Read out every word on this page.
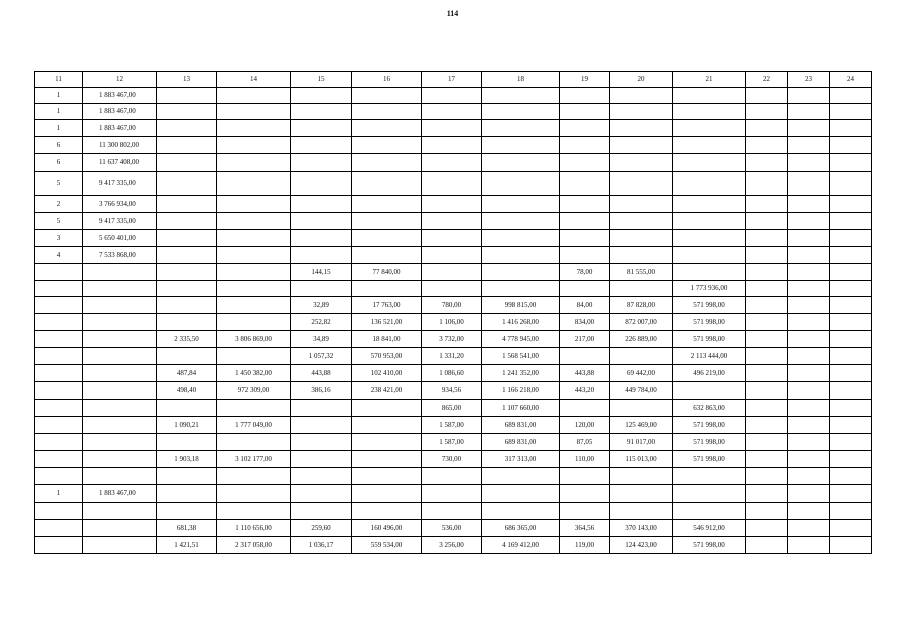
114
11	12	13	14	15	16	17	18	19	20	21	22	23	24
1	1 883 467,00												
1	1 883 467,00												
1	1 883 467,00												
6	11 300 802,00												
6	11 637 408,00												
5	9 417 335,00												
2	3 766 934,00												
5	9 417 335,00												
3	5 650 401,00												
4	7 533 868,00												
				144,15	77 840,00			78,00	81 555,00				
										1 773 936,00			
				32,89	17 763,00	780,00	998 815,00	84,00	87 828,00	571 998,00			
				252,82	136 521,00	1 106,00	1 416 268,00	834,00	872 007,00	571 998,00			
		2 335,50	3 806 869,00	34,89	18 841,00	3 732,00	4 778 945,00	217,00	226 889,00	571 998,00			
				1 057,32	570 953,00	1 331,20	1 568 541,00			2 113 444,00			
		487,84	1 450 382,00	443,88	102 410,00	1 086,60	1 241 352,00	443,88	69 442,00	496 219,00			
		498,40	972 309,00	386,16	238 421,00	934,56	1 166 218,00	443,20	449 784,00				
						865,00	1 107 660,00			632 863,00			
		1 090,21	1 777 049,00			1 587,00	689 831,00	120,00	125 469,00	571 998,00			
						1 587,00	689 831,00	87,05	91 017,00	571 998,00			
		1 903,18	3 102 177,00			730,00	317 313,00	110,00	115 013,00	571 998,00			

1	1 883 467,00												

		681,38	1 110 656,00	259,60	160 496,00	536,00	686 365,00	364,56	370 143,00	546 912,00			
		1 421,51	2 317 058,00	1 036,17	559 534,00	3 256,00	4 169 412,00	119,00	124 423,00	571 998,00			
